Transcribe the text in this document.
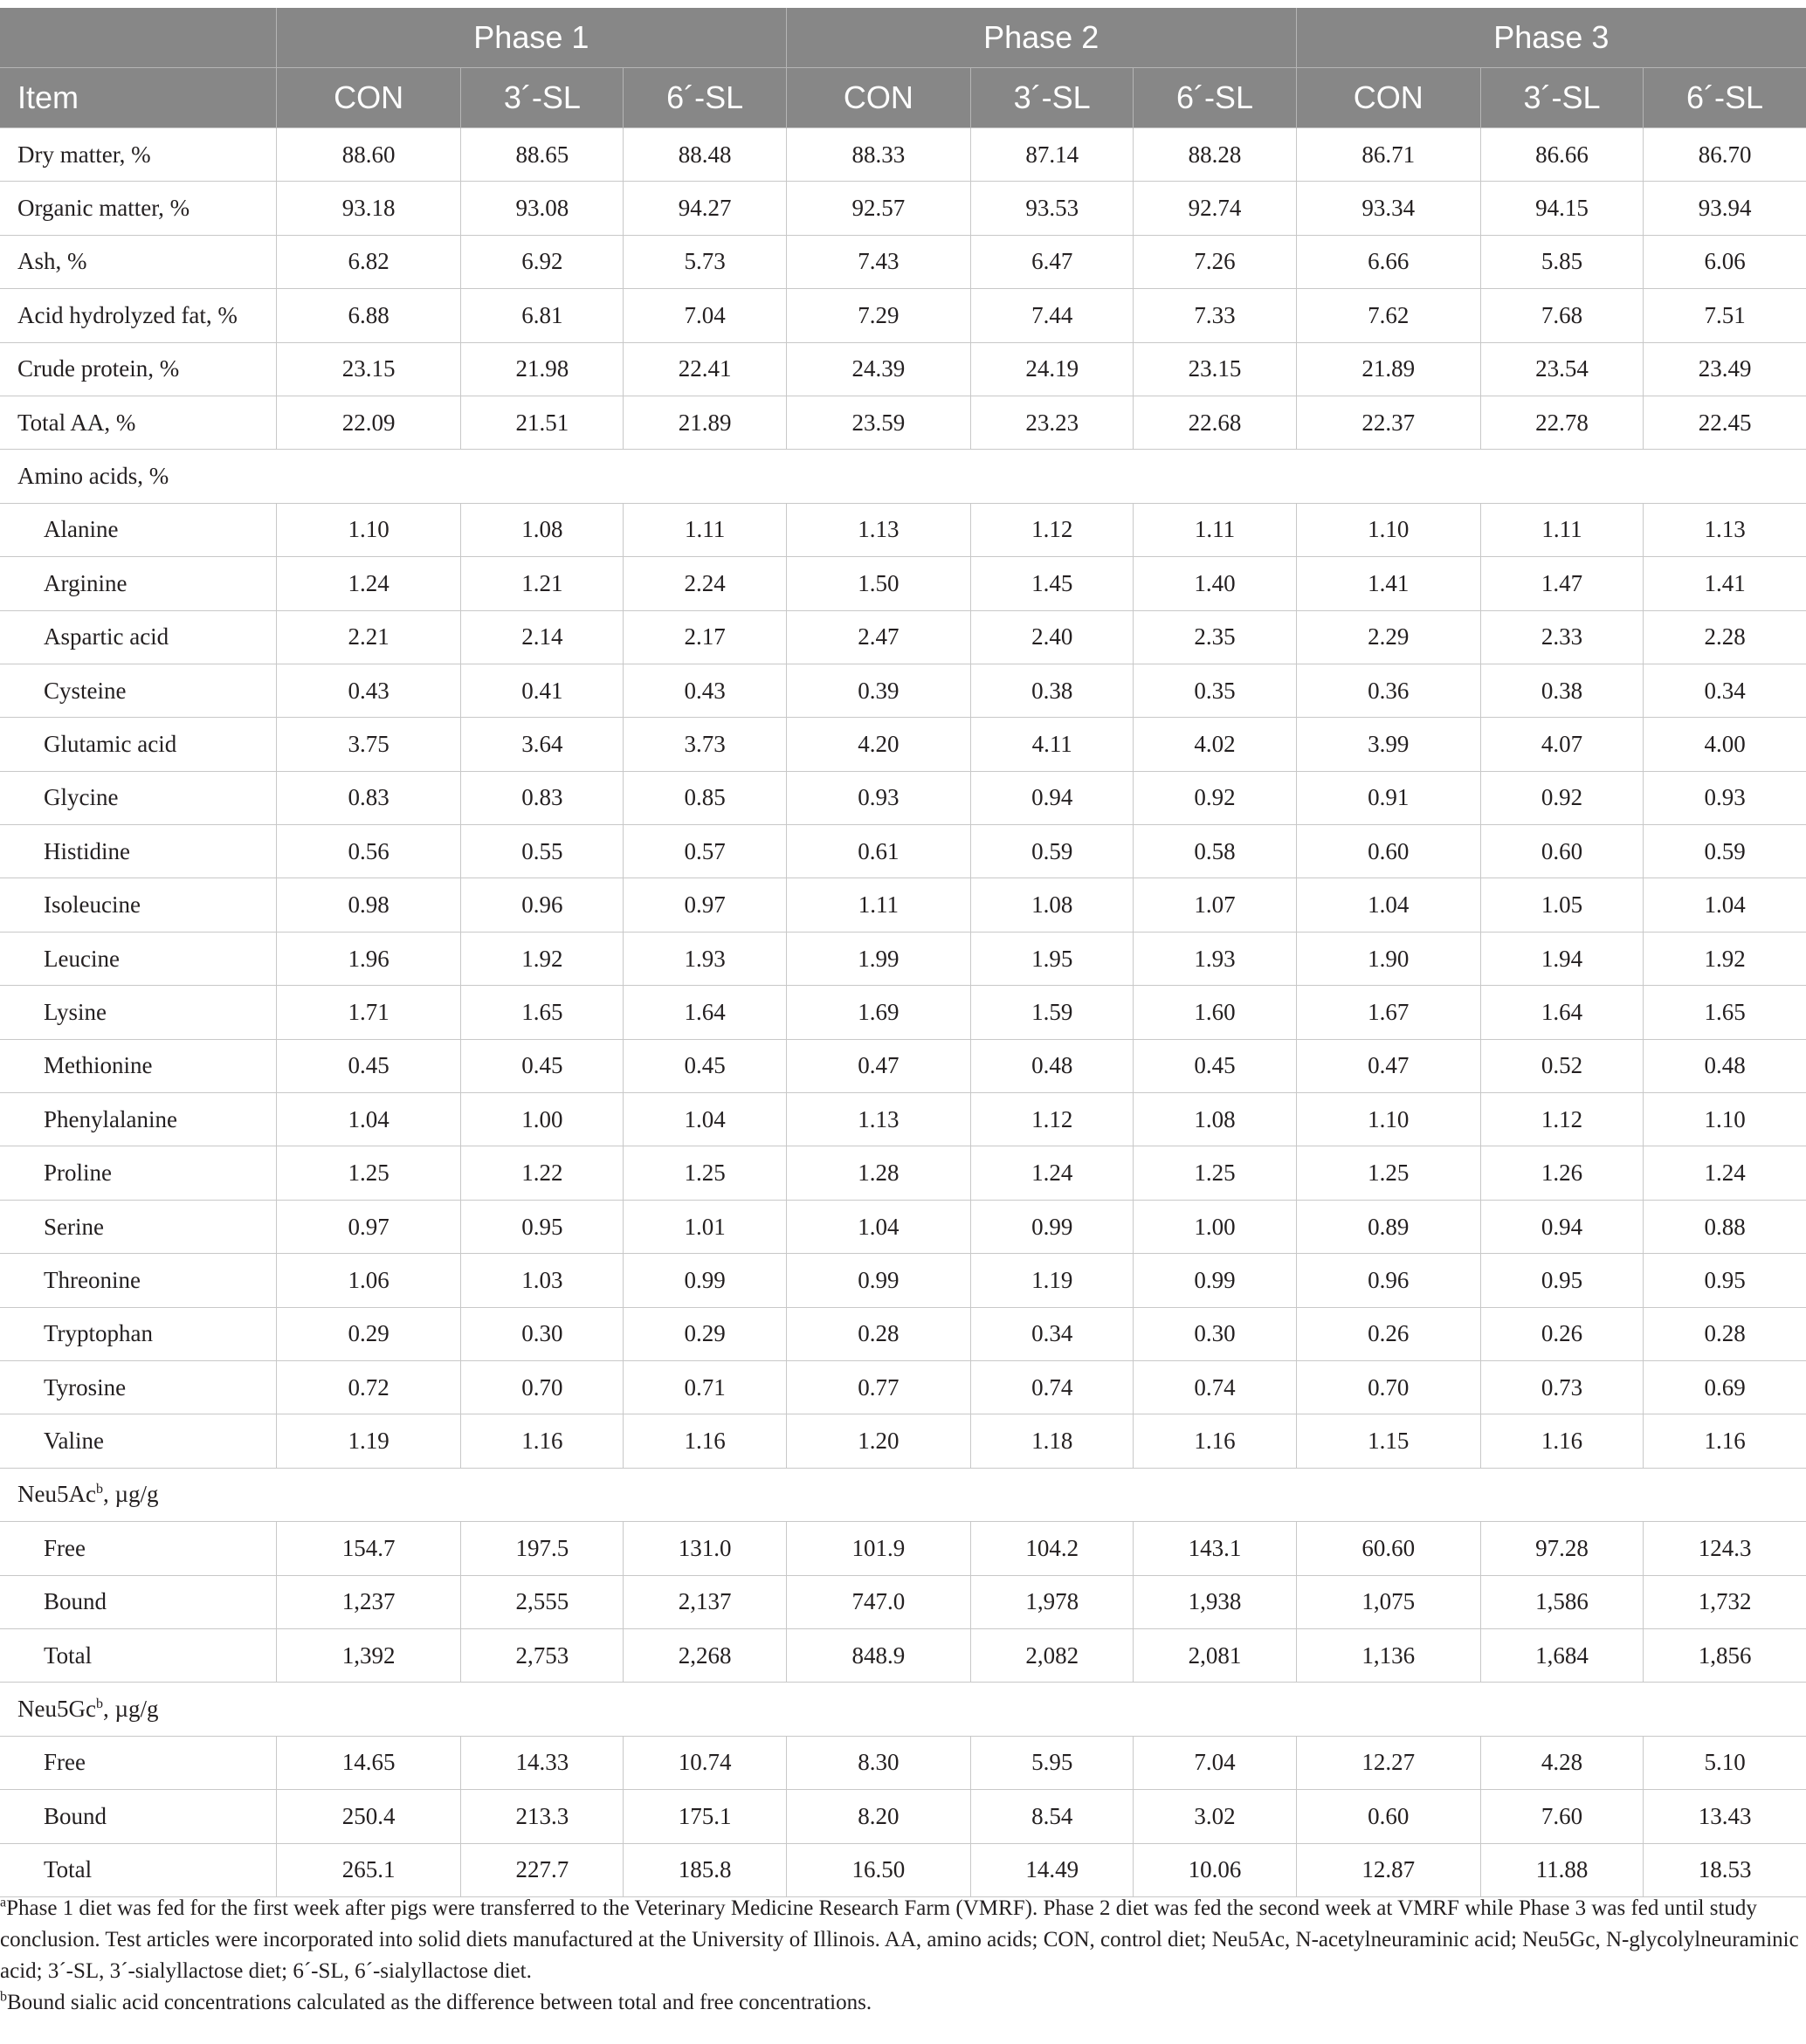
	Phase 1			Phase 2			Phase 3		
Item	CON	3´-SL	6´-SL	CON	3´-SL	6´-SL	CON	3´-SL	6´-SL
Dry matter, %	88.60	88.65	88.48	88.33	87.14	88.28	86.71	86.66	86.70
Organic matter, %	93.18	93.08	94.27	92.57	93.53	92.74	93.34	94.15	93.94
Ash, %	6.82	6.92	5.73	7.43	6.47	7.26	6.66	5.85	6.06
Acid hydrolyzed fat, %	6.88	6.81	7.04	7.29	7.44	7.33	7.62	7.68	7.51
Crude protein, %	23.15	21.98	22.41	24.39	24.19	23.15	21.89	23.54	23.49
Total AA, %	22.09	21.51	21.89	23.59	23.23	22.68	22.37	22.78	22.45
Amino acids, %									
Alanine	1.10	1.08	1.11	1.13	1.12	1.11	1.10	1.11	1.13
Arginine	1.24	1.21	2.24	1.50	1.45	1.40	1.41	1.47	1.41
Aspartic acid	2.21	2.14	2.17	2.47	2.40	2.35	2.29	2.33	2.28
Cysteine	0.43	0.41	0.43	0.39	0.38	0.35	0.36	0.38	0.34
Glutamic acid	3.75	3.64	3.73	4.20	4.11	4.02	3.99	4.07	4.00
Glycine	0.83	0.83	0.85	0.93	0.94	0.92	0.91	0.92	0.93
Histidine	0.56	0.55	0.57	0.61	0.59	0.58	0.60	0.60	0.59
Isoleucine	0.98	0.96	0.97	1.11	1.08	1.07	1.04	1.05	1.04
Leucine	1.96	1.92	1.93	1.99	1.95	1.93	1.90	1.94	1.92
Lysine	1.71	1.65	1.64	1.69	1.59	1.60	1.67	1.64	1.65
Methionine	0.45	0.45	0.45	0.47	0.48	0.45	0.47	0.52	0.48
Phenylalanine	1.04	1.00	1.04	1.13	1.12	1.08	1.10	1.12	1.10
Proline	1.25	1.22	1.25	1.28	1.24	1.25	1.25	1.26	1.24
Serine	0.97	0.95	1.01	1.04	0.99	1.00	0.89	0.94	0.88
Threonine	1.06	1.03	0.99	0.99	1.19	0.99	0.96	0.95	0.95
Tryptophan	0.29	0.30	0.29	0.28	0.34	0.30	0.26	0.26	0.28
Tyrosine	0.72	0.70	0.71	0.77	0.74	0.74	0.70	0.73	0.69
Valine	1.19	1.16	1.16	1.20	1.18	1.16	1.15	1.16	1.16
Neu5Ac$^b$, µg/g									
Free	154.7	197.5	131.0	101.9	104.2	143.1	60.60	97.28	124.3
Bound	1,237	2,555	2,137	747.0	1,978	1,938	1,075	1,586	1,732
Total	1,392	2,753	2,268	848.9	2,082	2,081	1,136	1,684	1,856
Neu5Gc$^b$, µg/g									
Free	14.65	14.33	10.74	8.30	5.95	7.04	12.27	4.28	5.10
Bound	250.4	213.3	175.1	8.20	8.54	3.02	0.60	7.60	13.43
Total	265.1	227.7	185.8	16.50	14.49	10.06	12.87	11.88	18.53

$^a$Phase 1 diet was fed for the first week after pigs were transferred to the Veterinary Medicine Research Farm (VMRF). Phase 2 diet was fed the second week at VMRF while Phase 3 was fed until study conclusion. Test articles were incorporated into solid diets manufactured at the University of Illinois. AA, amino acids; CON, control diet; Neu5Ac, N-acetylneuraminic acid; Neu5Gc, N-glycolylneuraminic acid; 3´-SL, 3´-sialyllactose diet; 6´-SL, 6´-sialyllactose diet.

$^b$Bound sialic acid concentrations calculated as the difference between total and free concentrations.
